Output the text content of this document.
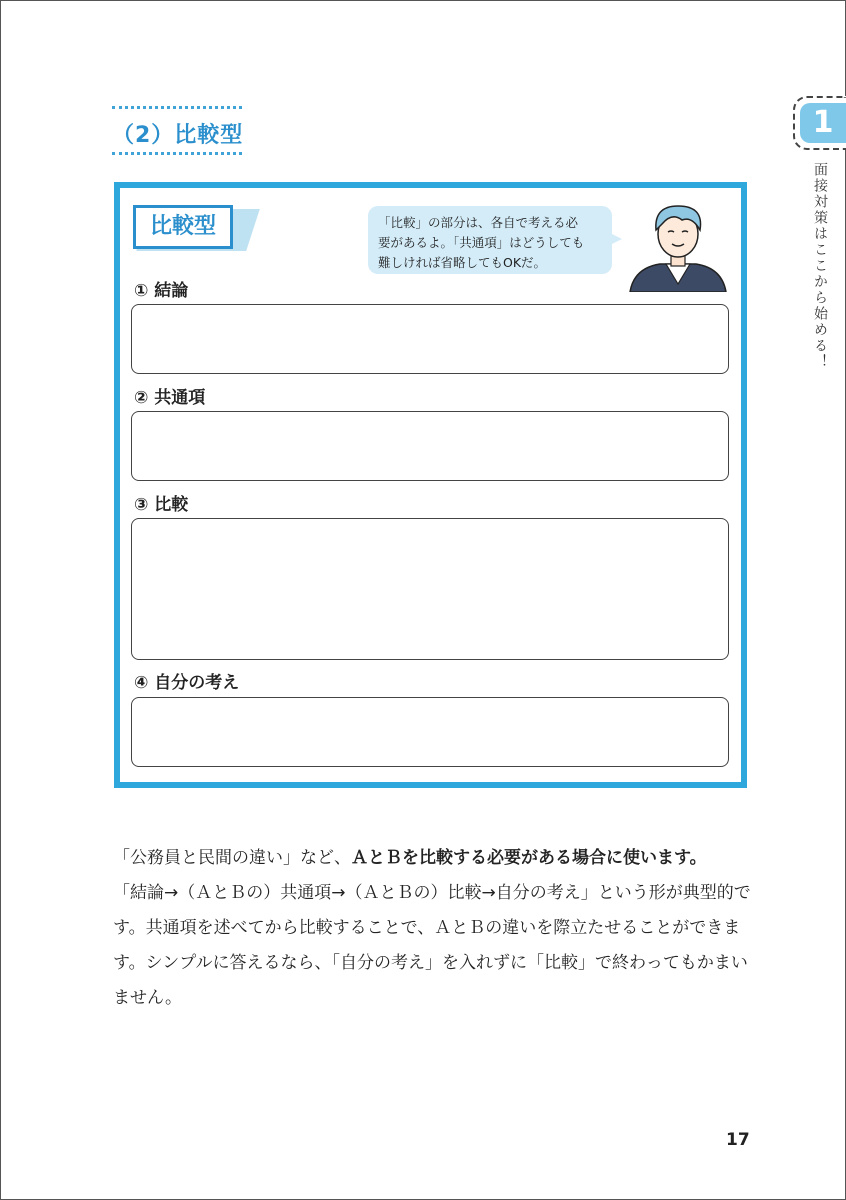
（2）比較型	1
面接対策はここから始める！
比較型	「比較」の部分は、各自で考える必
要があるよ。「共通項」はどうしても
難しければ省略してもOKだ。
① 結論
② 共通項
③ 比較
④ 自分の考え

「公務員と民間の違い」など、ＡとＢを比較する必要がある場合に使います。

「結論→（ＡとＢの）共通項→（ＡとＢの）比較→自分の考え」という形が典型的です。共通項を述べてから比較することで、ＡとＢの違いを際立たせることができます。シンプルに答えるなら、「自分の考え」を入れずに「比較」で終わってもかまいません。

17
